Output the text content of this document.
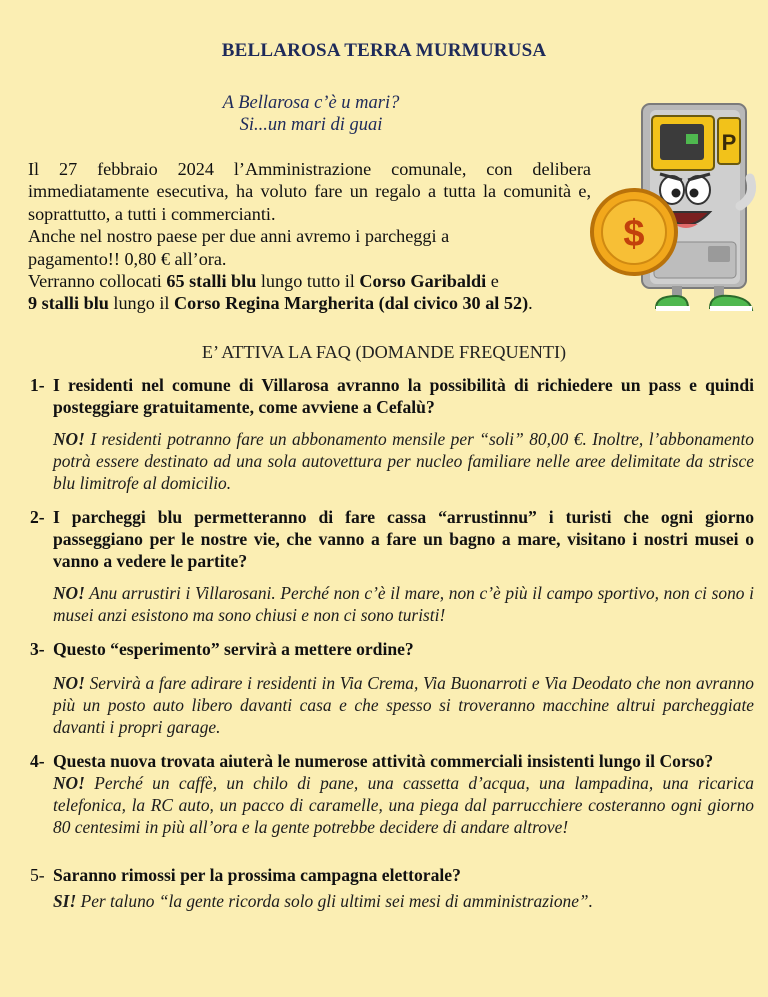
BELLAROSA TERRA MURMURUSA
A Bellarosa c’è u mari?
Si...un mari di guai
P
$

Il 27 febbraio 2024 l’Amministrazione comunale, con delibera immediatamente esecutiva, ha voluto fare un regalo a tutta la comunità e, soprattutto, a tutti i commercianti.

Anche nel nostro paese per due anni avremo i parcheggi a pagamento!! 0,80 € all’ora.

Verranno collocati 65 stalli blu lungo tutto il Corso Garibaldi e

9 stalli blu lungo il Corso Regina Margherita (dal civico 30 al 52).

E’ ATTIVA LA FAQ (DOMANDE FREQUENTI)
1- I residenti nel comune di Villarosa avranno la possibilità di richiedere un pass e quindi posteggiare gratuitamente, come avviene a Cefalù?
NO! I residenti potranno fare un abbonamento mensile per “soli” 80,00 €. Inoltre, l’abbonamento potrà essere destinato ad una sola autovettura per nucleo familiare nelle aree delimitate da strisce blu limitrofe al domicilio.
2- I parcheggi blu permetteranno di fare cassa “arrustinnu” i turisti che ogni giorno passeggiano per le nostre vie, che vanno a fare un bagno a mare, visitano i nostri musei o vanno a vedere le partite?
NO! Anu arrustiri i Villarosani. Perché non c’è il mare, non c’è più il campo sportivo, non ci sono i musei anzi esistono ma sono chiusi e non ci sono turisti!
3- Questo “esperimento” servirà a mettere ordine?
NO! Servirà a fare adirare i residenti in Via Crema, Via Buonarroti e Via Deodato che non avranno più un posto auto libero davanti casa e che spesso si troveranno macchine altrui parcheggiate davanti i propri garage.
4- Questa nuova trovata aiuterà le numerose attività commerciali insistenti lungo il Corso?
NO! Perché un caffè, un chilo di pane, una cassetta d’acqua, una lampadina, una ricarica telefonica, la RC auto, un pacco di caramelle, una piega dal parrucchiere costeranno ogni giorno 80 centesimi in più all’ora e la gente potrebbe decidere di andare altrove!
5- Saranno rimossi per la prossima campagna elettorale?
SI! Per taluno “la gente ricorda solo gli ultimi sei mesi di amministrazione”.
